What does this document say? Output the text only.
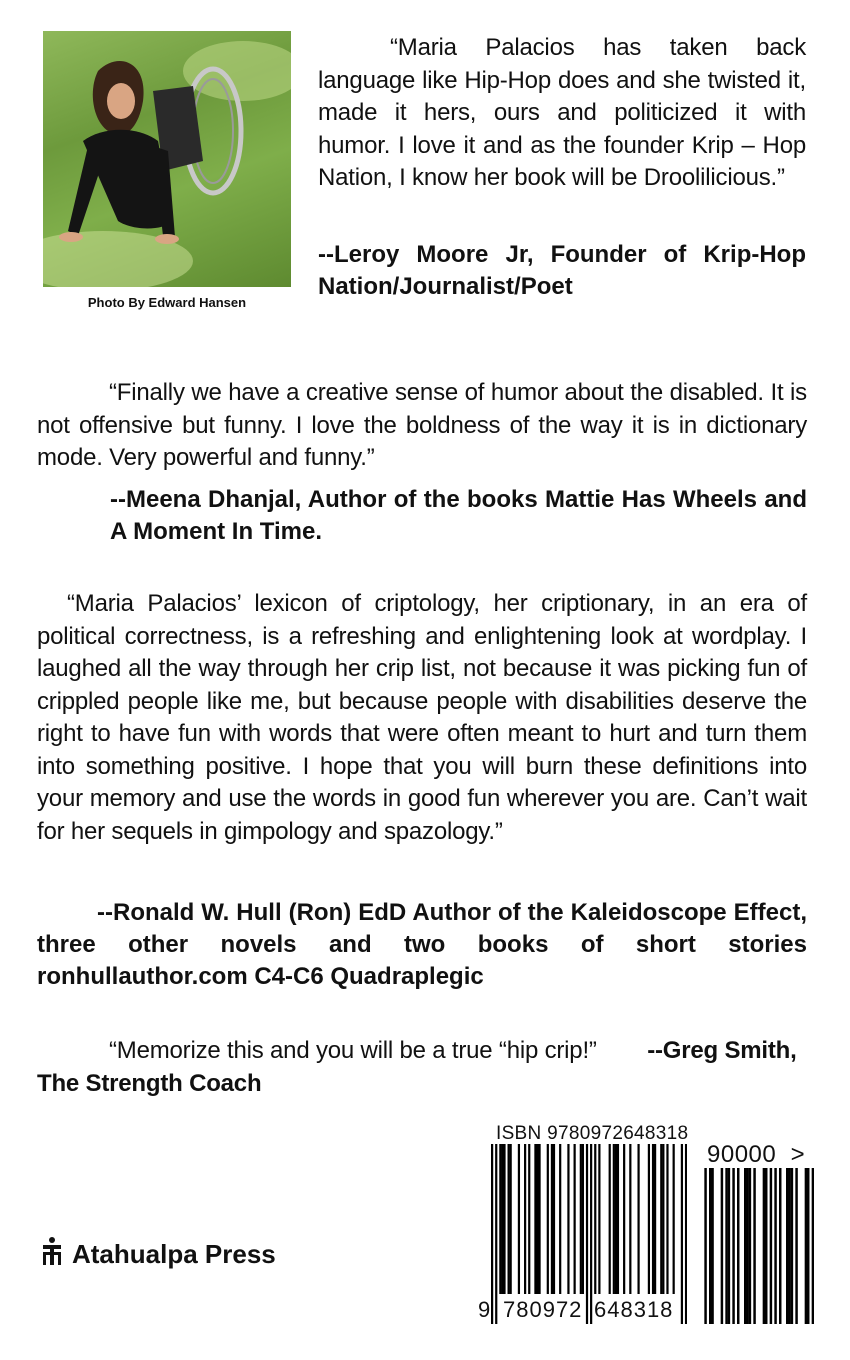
Photo By Edward Hansen
“Maria Palacios has taken back language like Hip-Hop does and she twisted it, made it hers, ours and politicized it with humor. I love it and as the founder Krip – Hop Nation, I know her book will be Droolilicious.”
--Leroy Moore Jr, Founder of Krip-Hop Nation/Journalist/Poet
“Finally we have a creative sense of humor about the disabled. It is not offensive but funny. I love the boldness of the way it is in dictionary mode. Very powerful and funny.”
--Meena Dhanjal, Author of the books Mattie Has Wheels and A Moment In Time.
“Maria Palacios’ lexicon of criptology, her criptionary, in an era of political correctness, is a refreshing and enlightening look at wordplay. I laughed all the way through her crip list, not because it was picking fun of crippled people like me, but because people with disabilities deserve the right to have fun with words that were often meant to hurt and turn them into something positive. I hope that you will burn these definitions into your memory and use the words in good fun wherever you are. Can’t wait for her sequels in gimpology and spazology.”
--Ronald W. Hull (Ron) EdD Author of the Kaleidoscope Effect, three other novels and two books of short stories ronhullauthor.com C4-C6 Quadraplegic
“Memorize this and you will be a true “hip crip!” --Greg Smith, The Strength Coach
Atahualpa Press
ISBN 9780972648318
90000 >
9 780972 648318
